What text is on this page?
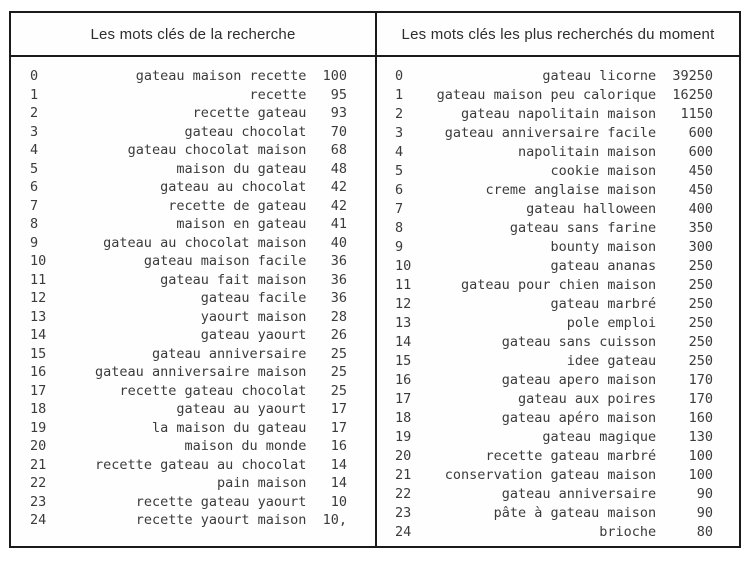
Les mots clés de la recherche	Les mots clés les plus recherchés du moment
0	gateau maison recette 100
1	recette	95
2	recette gateau	93
3	gateau chocolat	70
4	gateau chocolat maison	68
5	maison du gateau	48
6	gateau au chocolat	42
7	recette de gateau	42
8	maison en gateau	41
9	gateau au chocolat maison	40
10	gateau maison facile	36
11	gateau fait maison	36
12	gateau facile	36
13	yaourt maison	28
14	gateau yaourt	26
15	gateau anniversaire	25
16	gateau anniversaire maison	25
17	recette gateau chocolat	25
18	gateau au yaourt	17
19	la maison du gateau	17
20	maison du monde	16
21	recette gateau au chocolat	14
22	pain maison	14
23	recette gateau yaourt	10
24	recette yaourt maison 10,
0	gateau licorne 39250
1	gateau maison peu calorique 16250
2	gateau napolitain maison	1150
3	gateau anniversaire facile	600
4	napolitain maison	600
5	cookie maison	450
6	creme anglaise maison	450
7	gateau halloween	400
8	gateau sans farine	350
9	bounty maison	300
10	gateau ananas	250
11	gateau pour chien maison	250
12	gateau marbré	250
13	pole emploi	250
14	gateau sans cuisson	250
15	idee gateau	250
16	gateau apero maison	170
17	gateau aux poires	170
18	gateau apéro maison	160
19	gateau magique	130
20	recette gateau marbré	100
21	conservation gateau maison	100
22	gateau anniversaire	90
23	pâte à gateau maison	90
24	brioche	80
